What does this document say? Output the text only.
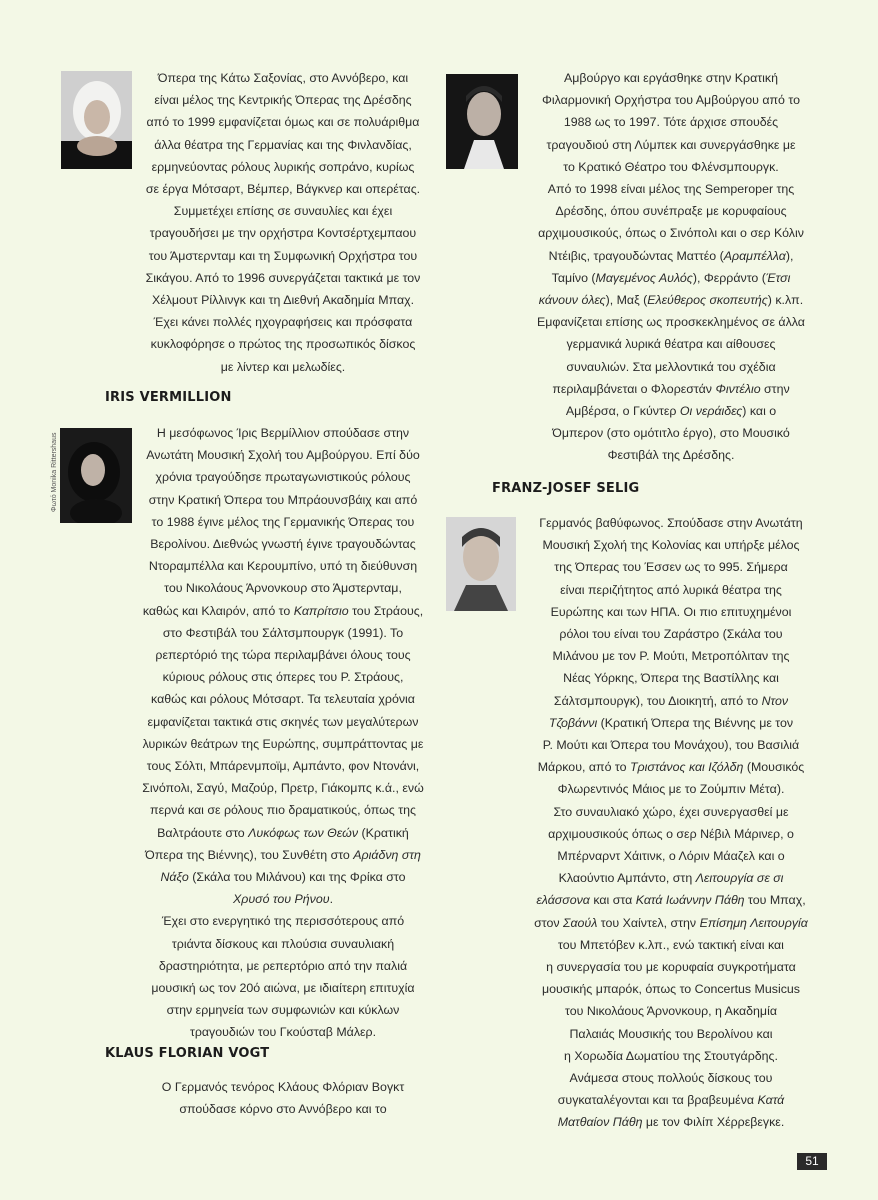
Όπερα της Κάτω Σαξονίας, στο Αννόβερο, και
είναι μέλος της Κεντρικής Όπερας της Δρέσδης
από το 1999 εμφανίζεται όμως και σε πολυάριθμα
άλλα θέατρα της Γερμανίας και της Φινλανδίας,
ερμηνεύοντας ρόλους λυρικής σοπράνο, κυρίως
σε έργα Μότσαρτ, Βέμπερ, Βάγκνερ και οπερέτας.
Συμμετέχει επίσης σε συναυλίες και έχει
τραγουδήσει με την ορχήστρα Κοντσέρτχεμπαου
του Άμστερνταμ και τη Συμφωνική Ορχήστρα του
Σικάγου. Από το 1996 συνεργάζεται τακτικά με τον
Χέλμουτ Ρίλλινγκ και τη Διεθνή Ακαδημία Μπαχ.
Έχει κάνει πολλές ηχογραφήσεις και πρόσφατα
κυκλοφόρησε ο πρώτος της προσωπικός δίσκος
με λίντερ και μελωδίες.
IRIS VERMILLION
Φωτό Monika Rittershaus	Η μεσόφωνος Ίρις Βερμίλλιον σπούδασε στην
Ανωτάτη Μουσική Σχολή του Αμβούργου. Επί δύο
χρόνια τραγούδησε πρωταγωνιστικούς ρόλους
στην Κρατική Όπερα του Μπράουνσβάιχ και από
το 1988 έγινε μέλος της Γερμανικής Όπερας του
Βερολίνου. Διεθνώς γνωστή έγινε τραγουδώντας
Ντοραμπέλλα και Κερουμπίνο, υπό τη διεύθυνση
του Νικολάους Άρνονκουρ στο Άμστερνταμ,
καθώς και Κλαιρόν, από το Καπρίτσιο του Στράους,
στο Φεστιβάλ του Σάλτσμπουργκ (1991). Το
ρεπερτόριό της τώρα περιλαμβάνει όλους τους
κύριους ρόλους στις όπερες του Ρ. Στράους,
καθώς και ρόλους Μότσαρτ. Τα τελευταία χρόνια
εμφανίζεται τακτικά στις σκηνές των μεγαλύτερων
λυρικών θεάτρων της Ευρώπης, συμπράττοντας με
τους Σόλτι, Μπάρενμποϊμ, Αμπάντο, φον Ντονάνι,
Σινόπολι, Σαγύ, Μαζούρ, Πρετρ, Γιάκομπς κ.ά., ενώ
περνά και σε ρόλους πιο δραματικούς, όπως της
Βαλτράουτε στο Λυκόφως των Θεών (Κρατική
Όπερα της Βιέννης), του Συνθέτη στο Αριάδνη στη
Νάξο (Σκάλα του Μιλάνου) και της Φρίκα στο
Χρυσό του Ρήνου.
Έχει στο ενεργητικό της περισσότερους από
τριάντα δίσκους και πλούσια συναυλιακή
δραστηριότητα, με ρεπερτόριο από την παλιά
μουσική ως τον 20ό αιώνα, με ιδιαίτερη επιτυχία
στην ερμηνεία των συμφωνιών και κύκλων
τραγουδιών του Γκούσταβ Μάλερ.
KLAUS FLORIAN VOGT
Ο Γερμανός τενόρος Κλάους Φλόριαν Βογκτ
σπούδασε κόρνο στο Αννόβερο και το
Αμβούργο και εργάσθηκε στην Κρατική
Φιλαρμονική Ορχήστρα του Αμβούργου από το
1988 ως το 1997. Τότε άρχισε σπουδές
τραγουδιού στη Λύμπεκ και συνεργάσθηκε με
το Κρατικό Θέατρο του Φλένσμπουργκ.
Από το 1998 είναι μέλος της Semperoper της
Δρέσδης, όπου συνέπραξε με κορυφαίους
αρχιμουσικούς, όπως ο Σινόπολι και ο σερ Κόλιν
Ντέιβις, τραγουδώντας Ματτέο (Αραμπέλλα),
Ταμίνο (Μαγεμένος Αυλός), Φερράντο (Έτσι
κάνουν όλες), Μαξ (Ελεύθερος σκοπευτής) κ.λπ.
Εμφανίζεται επίσης ως προσκεκλημένος σε άλλα
γερμανικά λυρικά θέατρα και αίθουσες
συναυλιών. Στα μελλοντικά του σχέδια
περιλαμβάνεται ο Φλορεστάν Φιντέλιο στην
Αμβέρσα, ο Γκύντερ Οι νεράιδες) και ο
Όμπερον (στο ομότιτλο έργο), στο Μουσικό
Φεστιβάλ της Δρέσδης.
FRANZ-JOSEF SELIG
Γερμανός βαθύφωνος. Σπούδασε στην Ανωτάτη
Μουσική Σχολή της Κολονίας και υπήρξε μέλος
της Όπερας του Έσσεν ως το 995. Σήμερα
είναι περιζήτητος από λυρικά θέατρα της
Ευρώπης και των ΗΠΑ. Οι πιο επιτυχημένοι
ρόλοι του είναι του Ζαράστρο (Σκάλα του
Μιλάνου με τον Ρ. Μούτι, Μετροπόλιταν της
Νέας Υόρκης, Όπερα της Βαστίλλης και
Σάλτσμπουργκ), του Διοικητή, από το Ντον
Τζοβάννι (Κρατική Όπερα της Βιέννης με τον
Ρ. Μούτι και Όπερα του Μονάχου), του Βασιλιά
Μάρκου, από το Τριστάνος και Ιζόλδη (Μουσικός
Φλωρεντινός Μάιος με το Ζούμπιν Μέτα).
Στο συναυλιακό χώρο, έχει συνεργασθεί με
αρχιμουσικούς όπως ο σερ Νέβιλ Μάρινερ, ο
Μπέρναρντ Χάιτινκ, ο Λόριν Μάαζελ και ο
Κλαούντιο Αμπάντο, στη Λειτουργία σε σι
ελάσσονα και στα Κατά Ιωάννην Πάθη του Μπαχ,
στον Σαούλ του Χαίντελ, στην Επίσημη Λειτουργία
του Μπετόβεν κ.λπ., ενώ τακτική είναι και
η συνεργασία του με κορυφαία συγκροτήματα
μουσικής μπαρόκ, όπως το Concertus Musicus
του Νικολάους Άρνονκουρ, η Ακαδημία
Παλαιάς Μουσικής του Βερολίνου και
η Χορωδία Δωματίου της Στουτγάρδης.
Ανάμεσα στους πολλούς δίσκους του
συγκαταλέγονται και τα βραβευμένα Κατά
Ματθαίον Πάθη με τον Φιλίπ Χέρρεβεγκε.
51
